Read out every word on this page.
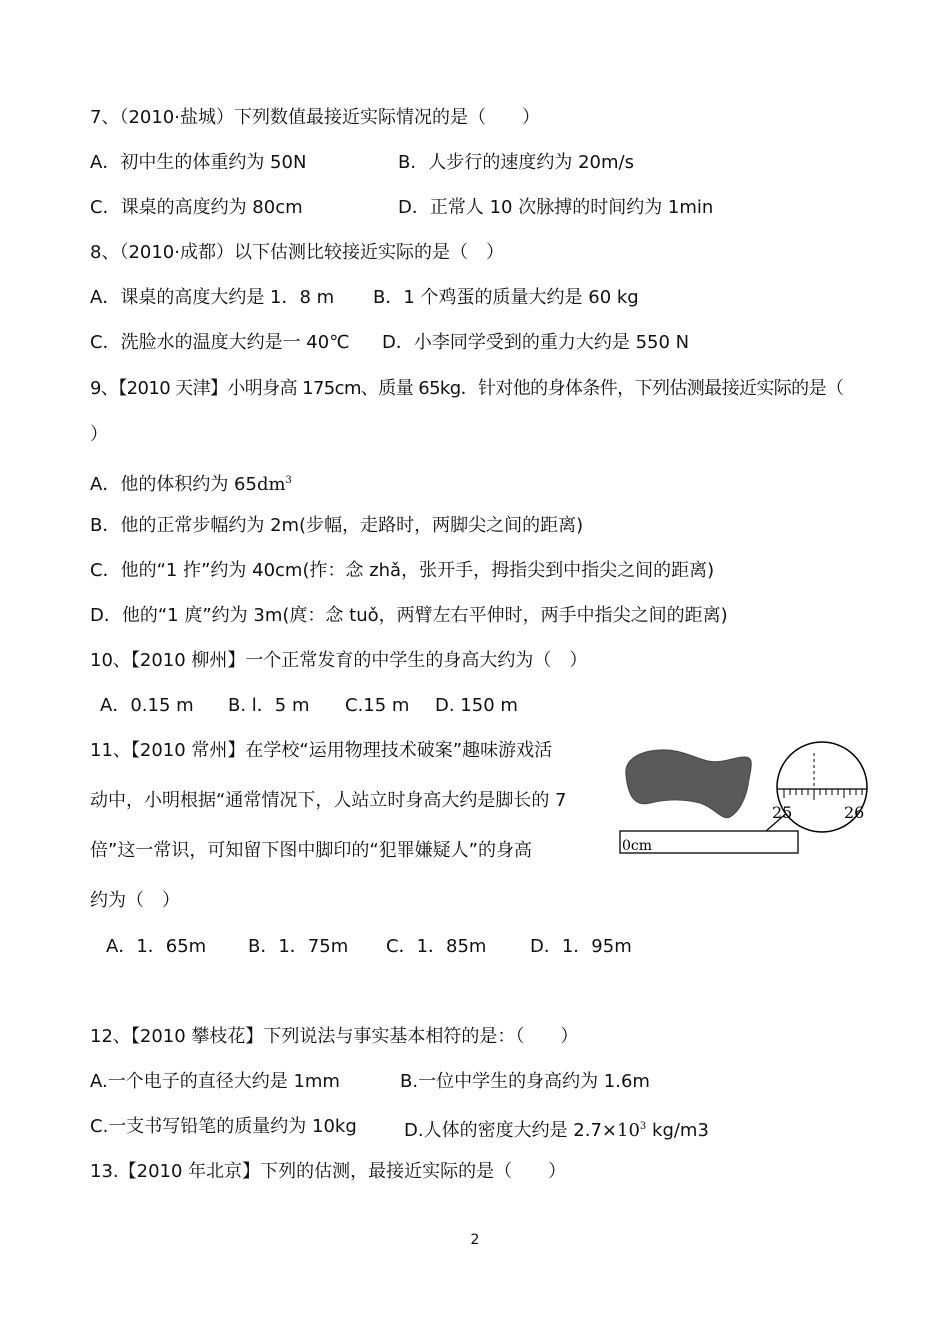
7、（2010·盐城）下列数值最接近实际情况的是（　　）
A．初中生的体重约为 50N	B．人步行的速度约为 20m/s
C．课桌的高度约为 80cm	D．正常人 10 次脉搏的时间约为 1min
8、（2010·成都）以下估测比较接近实际的是（　）
A．课桌的高度大约是 1．8 m B．1 个鸡蛋的质量大约是 60 kg
C．洗脸水的温度大约是一 40℃ D．小李同学受到的重力大约是 550 N
9、【2010 天津】小明身高 175cm、质量 65kg．针对他的身体条件，下列估测最接近实际的是（
）
A．他的体积约为 $65dm^3$
B．他的正常步幅约为 2m(步幅，走路时，两脚尖之间的距离)
C．他的“1 拃”约为 40cm(拃：念 zhǎ，张开手，拇指尖到中指尖之间的距离)
D．他的“1 庹”约为 3m(庹：念 tuǒ，两臂左右平伸时，两手中指尖之间的距离)
10、【2010 柳州】一个正常发育的中学生的身高大约为（　）
A．0.15 m B. l．5 m C.15 m D. 150 m
11、【2010 常州】在学校“运用物理技术破案”趣味游戏活
动中，小明根据“通常情况下，人站立时身高大约是脚长的 7
倍”这一常识，可知留下图中脚印的“犯罪嫌疑人”的身高
约为（　）
A．1．65m B．1．75m C．1．85m D．1．95m
0cm
25	26
12、【2010 攀枝花】下列说法与事实基本相符的是：（　　）
A.一个电子的直径大约是 1mm	B.一位中学生的身高约为 1.6m
C.一支书写铅笔的质量约为 10kg	D.人体的密度大约是 $2.7\times 10^3$ kg/m3
13.【2010 年北京】下列的估测，最接近实际的是（　　）
2
